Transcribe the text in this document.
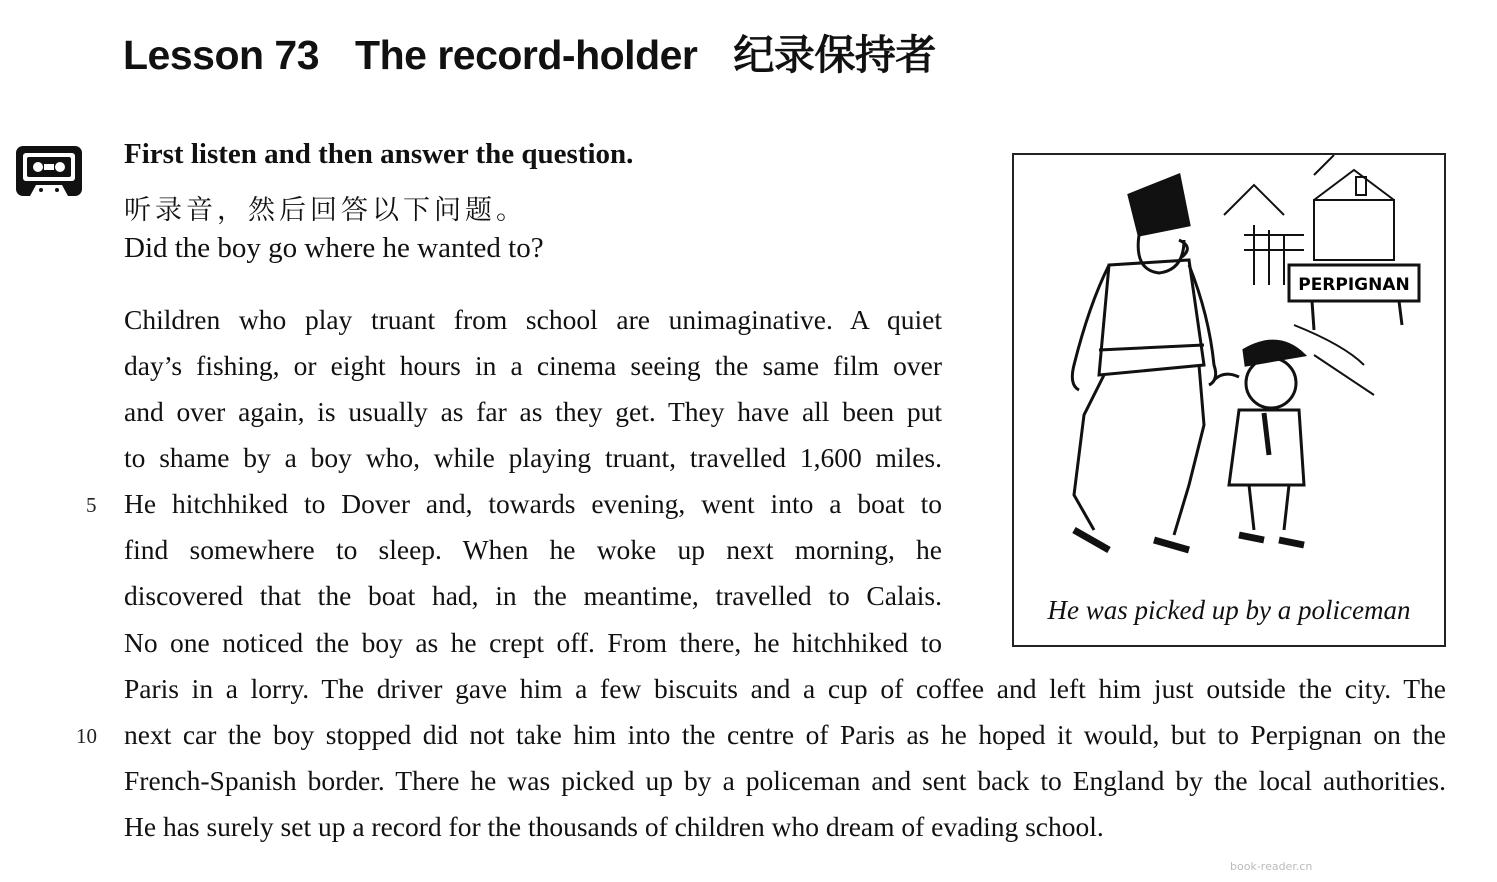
Lesson 73 The record-holder 纪录保持者
First listen and then answer the question.
听录音，然后回答以下问题。
Did the boy go where he wanted to?
Children who play truant from school are unimaginative. A quiet
day’s fishing, or eight hours in a cinema seeing the same film over
and over again, is usually as far as they get. They have all been put
to shame by a boy who, while playing truant, travelled 1,600 miles.
He hitchhiked to Dover and, towards evening, went into a boat to
find somewhere to sleep. When he woke up next morning, he
discovered that the boat had, in the meantime, travelled to Calais.
No one noticed the boy as he crept off. From there, he hitchhiked to
Paris in a lorry. The driver gave him a few biscuits and a cup of coffee and left him just outside the city. The
next car the boy stopped did not take him into the centre of Paris as he hoped it would, but to Perpignan on the
French-Spanish border. There he was picked up by a policeman and sent back to England by the local authorities.
He has surely set up a record for the thousands of children who dream of evading school.
5
10
PERPIGNAN
He was picked up by a policeman
book-reader.cn
